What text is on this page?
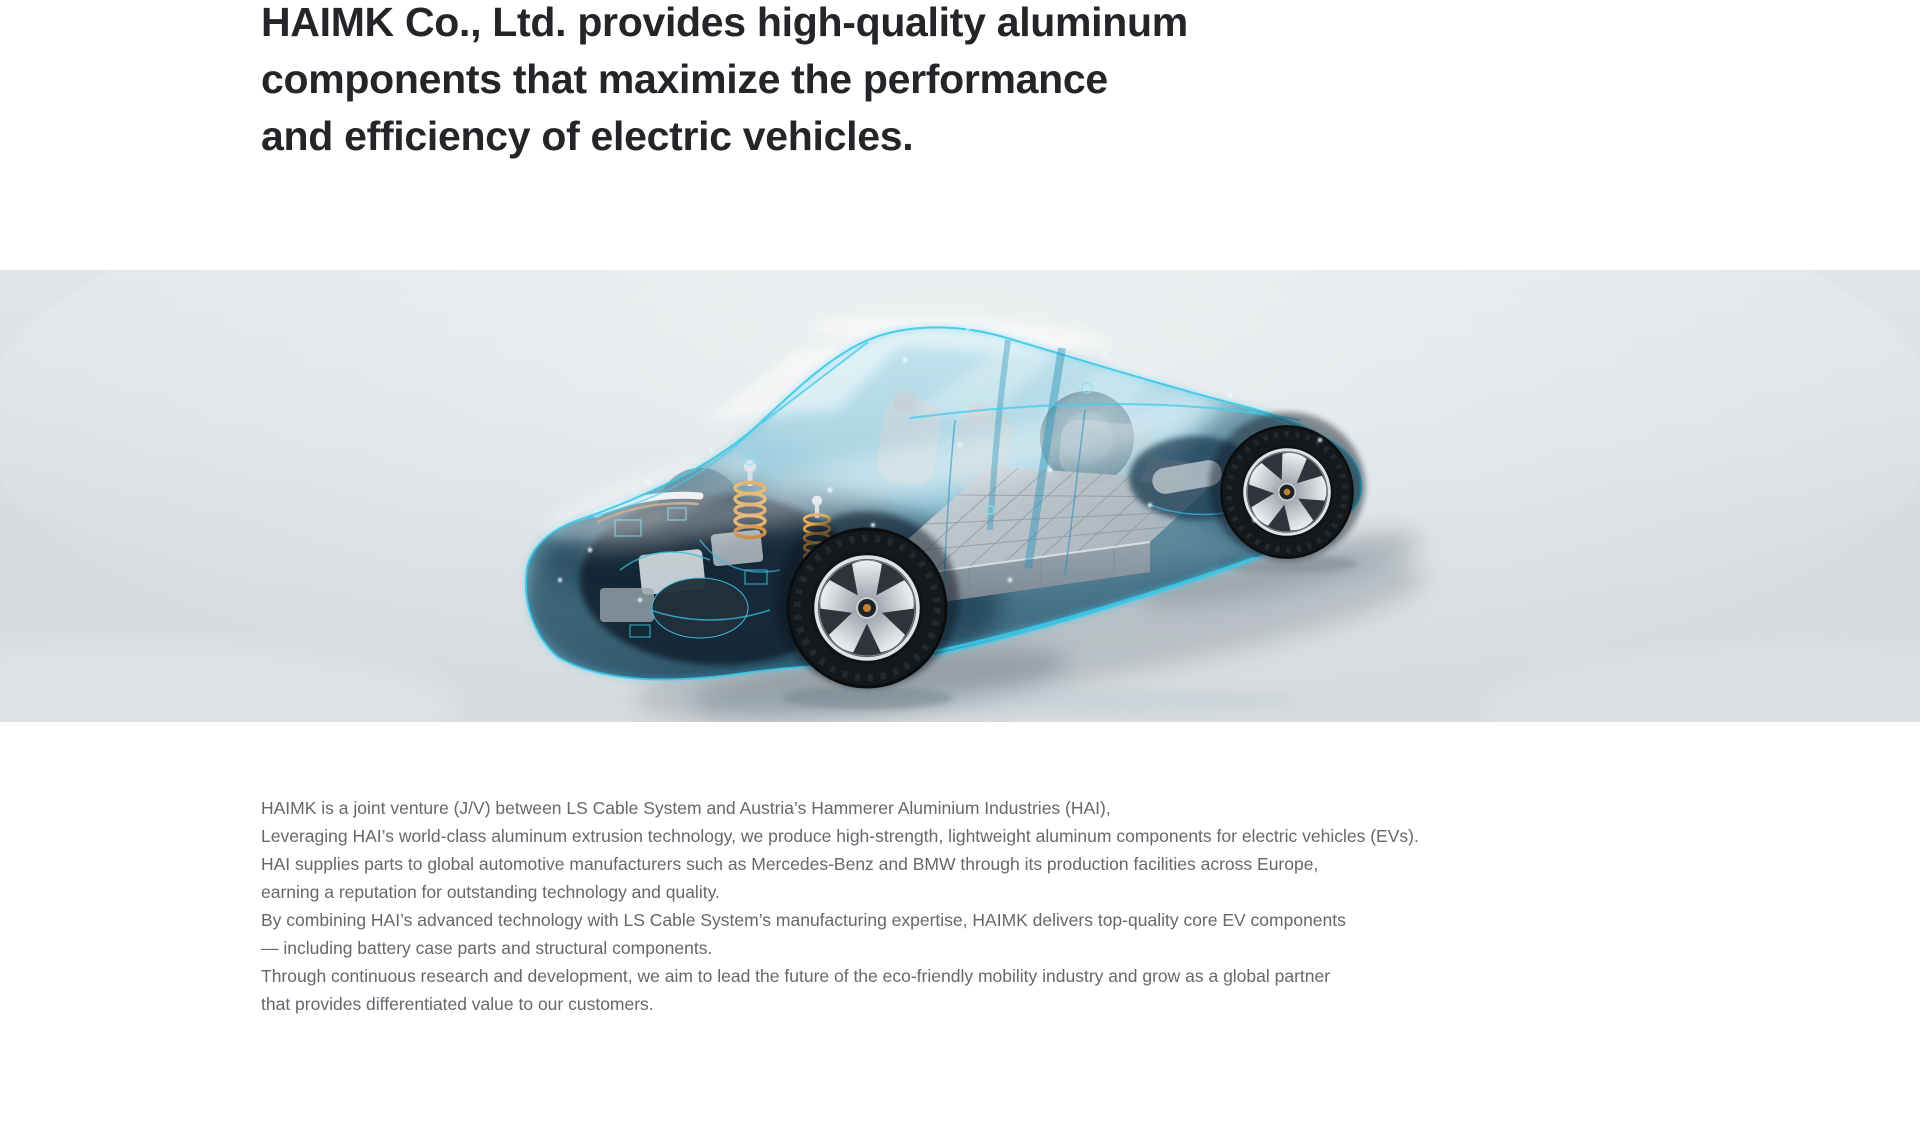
HAIMK Co., Ltd. provides high-quality aluminum
components that maximize the performance
and efficiency of electric vehicles.

HAIMK is a joint venture (J/V) between LS Cable System and Austria’s Hammerer Aluminium Industries (HAI),
Leveraging HAI’s world-class aluminum extrusion technology, we produce high-strength, lightweight aluminum components for electric vehicles (EVs).
HAI supplies parts to global automotive manufacturers such as Mercedes-Benz and BMW through its production facilities across Europe,
earning a reputation for outstanding technology and quality.
By combining HAI’s advanced technology with LS Cable System’s manufacturing expertise, HAIMK delivers top-quality core EV components
— including battery case parts and structural components.
Through continuous research and development, we aim to lead the future of the eco-friendly mobility industry and grow as a global partner
that provides differentiated value to our customers.
